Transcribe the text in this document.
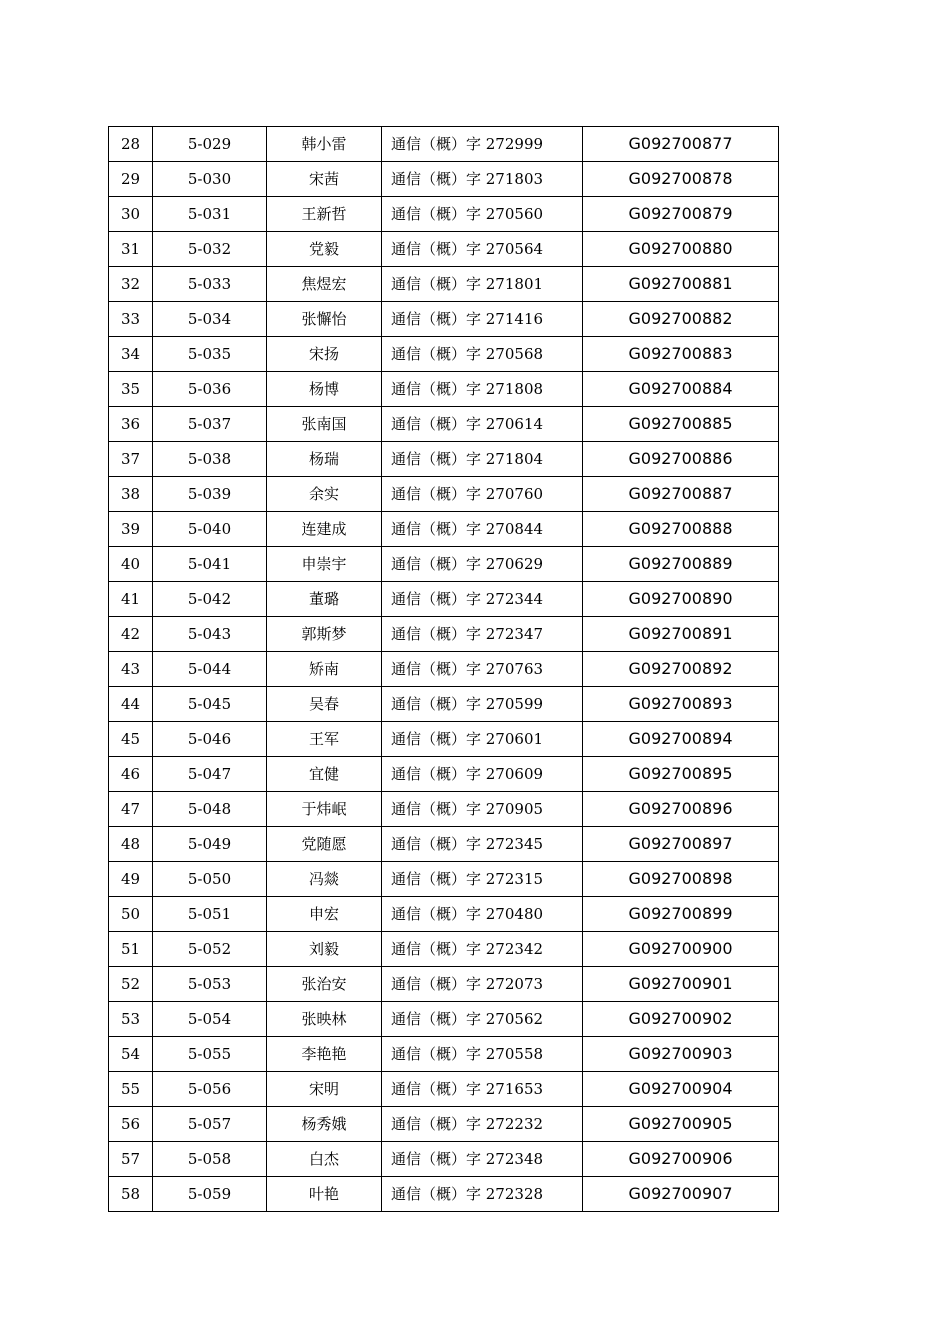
28	5-029	韩小雷	通信（概）字 272999	G092700877
29	5-030	宋茜	通信（概）字 271803	G092700878
30	5-031	王新哲	通信（概）字 270560	G092700879
31	5-032	党毅	通信（概）字 270564	G092700880
32	5-033	焦煜宏	通信（概）字 271801	G092700881
33	5-034	张懈怡	通信（概）字 271416	G092700882
34	5-035	宋扬	通信（概）字 270568	G092700883
35	5-036	杨博	通信（概）字 271808	G092700884
36	5-037	张南国	通信（概）字 270614	G092700885
37	5-038	杨瑞	通信（概）字 271804	G092700886
38	5-039	余实	通信（概）字 270760	G092700887
39	5-040	连建成	通信（概）字 270844	G092700888
40	5-041	申崇宇	通信（概）字 270629	G092700889
41	5-042	董璐	通信（概）字 272344	G092700890
42	5-043	郭斯梦	通信（概）字 272347	G092700891
43	5-044	矫南	通信（概）字 270763	G092700892
44	5-045	吴春	通信（概）字 270599	G092700893
45	5-046	王军	通信（概）字 270601	G092700894
46	5-047	宜健	通信（概）字 270609	G092700895
47	5-048	于炜岷	通信（概）字 270905	G092700896
48	5-049	党随愿	通信（概）字 272345	G092700897
49	5-050	冯燚	通信（概）字 272315	G092700898
50	5-051	申宏	通信（概）字 270480	G092700899
51	5-052	刘毅	通信（概）字 272342	G092700900
52	5-053	张治安	通信（概）字 272073	G092700901
53	5-054	张映林	通信（概）字 270562	G092700902
54	5-055	李艳艳	通信（概）字 270558	G092700903
55	5-056	宋明	通信（概）字 271653	G092700904
56	5-057	杨秀娥	通信（概）字 272232	G092700905
57	5-058	白杰	通信（概）字 272348	G092700906
58	5-059	叶艳	通信（概）字 272328	G092700907
